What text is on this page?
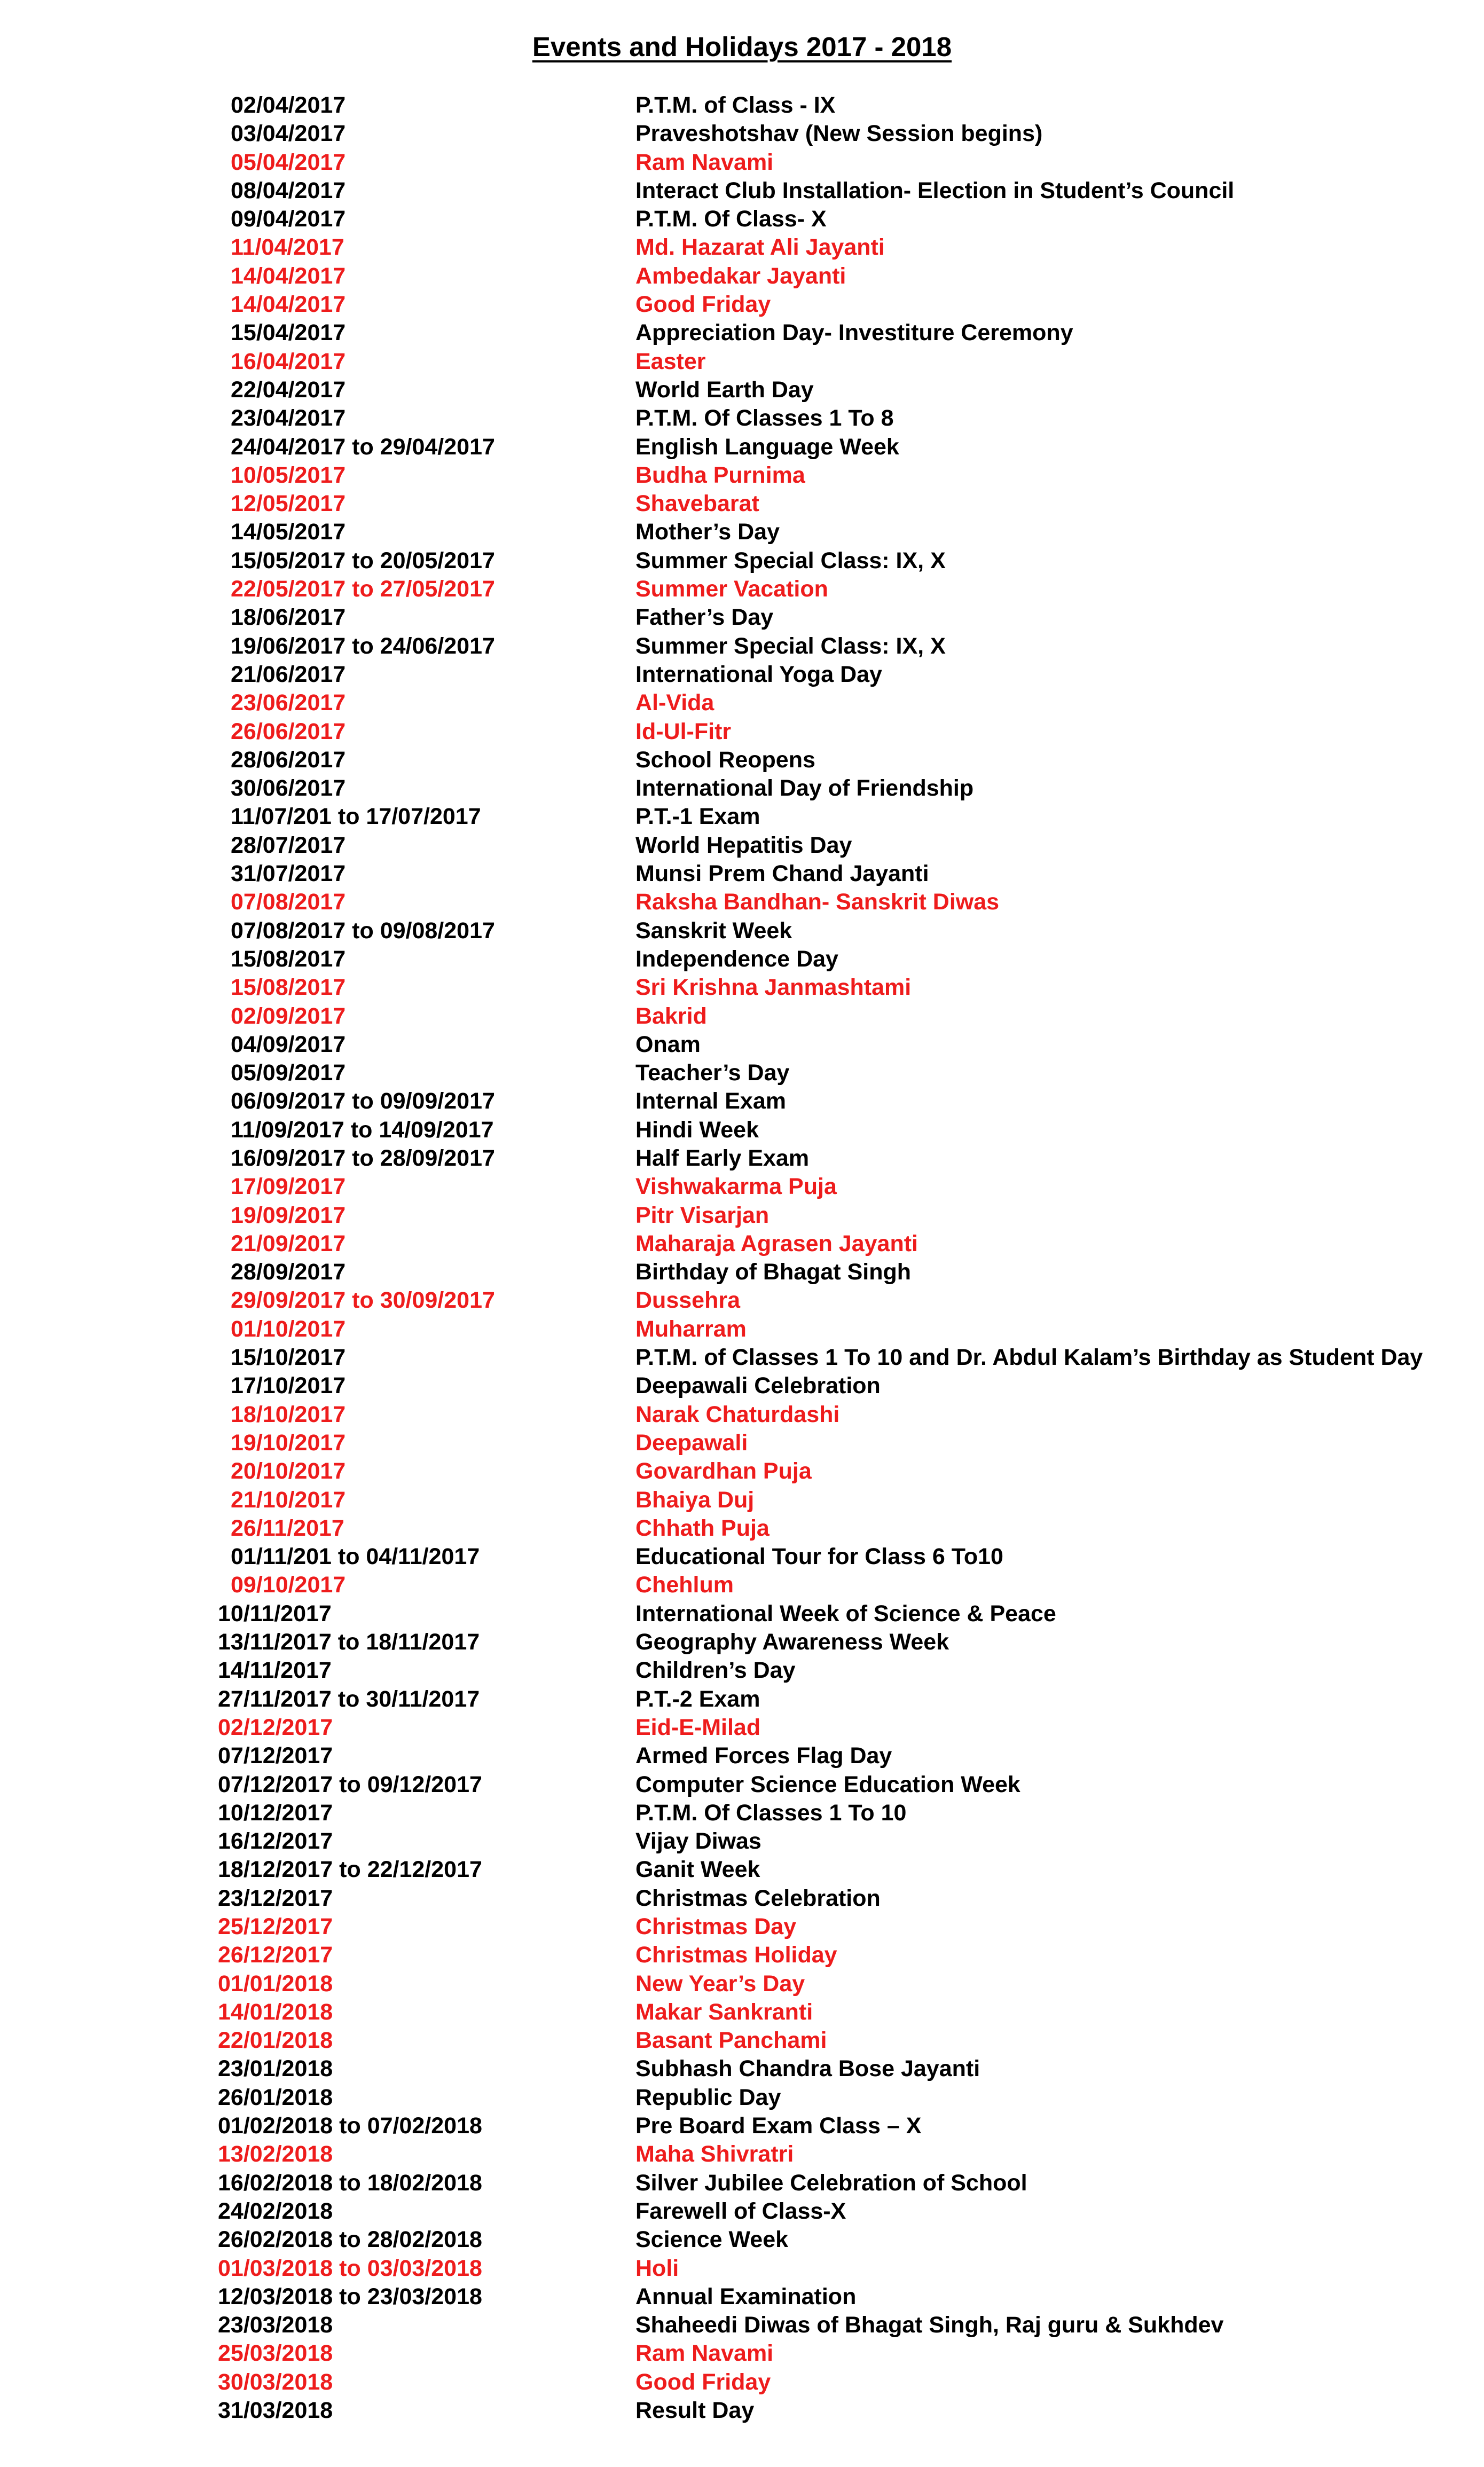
Events and Holidays 2017 - 2018
02/04/2017	P.T.M. of Class - IX
03/04/2017	Praveshotshav (New Session begins)
05/04/2017	Ram Navami
08/04/2017	Interact Club Installation- Election in Student’s Council
09/04/2017	P.T.M. Of Class- X
11/04/2017	Md. Hazarat Ali Jayanti
14/04/2017	Ambedakar Jayanti
14/04/2017	Good Friday
15/04/2017	Appreciation Day- Investiture Ceremony
16/04/2017	Easter
22/04/2017	World Earth Day
23/04/2017	P.T.M. Of Classes 1 To 8
24/04/2017 to 29/04/2017	English Language Week
10/05/2017	Budha Purnima
12/05/2017	Shavebarat
14/05/2017	Mother’s Day
15/05/2017 to 20/05/2017	Summer Special Class: IX, X
22/05/2017 to 27/05/2017	Summer Vacation
18/06/2017	Father’s Day
19/06/2017 to 24/06/2017	Summer Special Class: IX, X
21/06/2017	International Yoga Day
23/06/2017	Al-Vida
26/06/2017	Id-Ul-Fitr
28/06/2017	School Reopens
30/06/2017	International Day of Friendship
11/07/201 to 17/07/2017	P.T.-1 Exam
28/07/2017	World Hepatitis Day
31/07/2017	Munsi Prem Chand Jayanti
07/08/2017	Raksha Bandhan- Sanskrit Diwas
07/08/2017 to 09/08/2017	Sanskrit Week
15/08/2017	Independence Day
15/08/2017	Sri Krishna Janmashtami
02/09/2017	Bakrid
04/09/2017	Onam
05/09/2017	Teacher’s Day
06/09/2017 to 09/09/2017	Internal Exam
11/09/2017 to 14/09/2017	Hindi Week
16/09/2017 to 28/09/2017	Half Early Exam
17/09/2017	Vishwakarma Puja
19/09/2017	Pitr Visarjan
21/09/2017	Maharaja Agrasen Jayanti
28/09/2017	Birthday of Bhagat Singh
29/09/2017 to 30/09/2017	Dussehra
01/10/2017	Muharram
15/10/2017	P.T.M. of Classes 1 To 10 and Dr. Abdul Kalam’s Birthday as Student Day
17/10/2017	Deepawali Celebration
18/10/2017	Narak Chaturdashi
19/10/2017	Deepawali
20/10/2017	Govardhan Puja
21/10/2017	Bhaiya Duj
26/11/2017	Chhath Puja
01/11/201 to 04/11/2017	Educational Tour for Class 6 To10
09/10/2017	Chehlum
10/11/2017	International Week of Science & Peace
13/11/2017 to 18/11/2017	Geography Awareness Week
14/11/2017	Children’s Day
27/11/2017 to 30/11/2017	P.T.-2 Exam
02/12/2017	Eid-E-Milad
07/12/2017	Armed Forces Flag Day
07/12/2017 to 09/12/2017	Computer Science Education Week
10/12/2017	P.T.M. Of Classes 1 To 10
16/12/2017	Vijay Diwas
18/12/2017 to 22/12/2017	Ganit Week
23/12/2017	Christmas Celebration
25/12/2017	Christmas Day
26/12/2017	Christmas Holiday
01/01/2018	New Year’s Day
14/01/2018	Makar Sankranti
22/01/2018	Basant Panchami
23/01/2018	Subhash Chandra Bose Jayanti
26/01/2018	Republic Day
01/02/2018 to 07/02/2018	Pre Board Exam Class – X
13/02/2018	Maha Shivratri
16/02/2018 to 18/02/2018	Silver Jubilee Celebration of School
24/02/2018	Farewell of Class-X
26/02/2018 to 28/02/2018	Science Week
01/03/2018 to 03/03/2018	Holi
12/03/2018 to 23/03/2018	Annual Examination
23/03/2018	Shaheedi Diwas of Bhagat Singh, Raj guru & Sukhdev
25/03/2018	Ram Navami
30/03/2018	Good Friday
31/03/2018	Result Day
